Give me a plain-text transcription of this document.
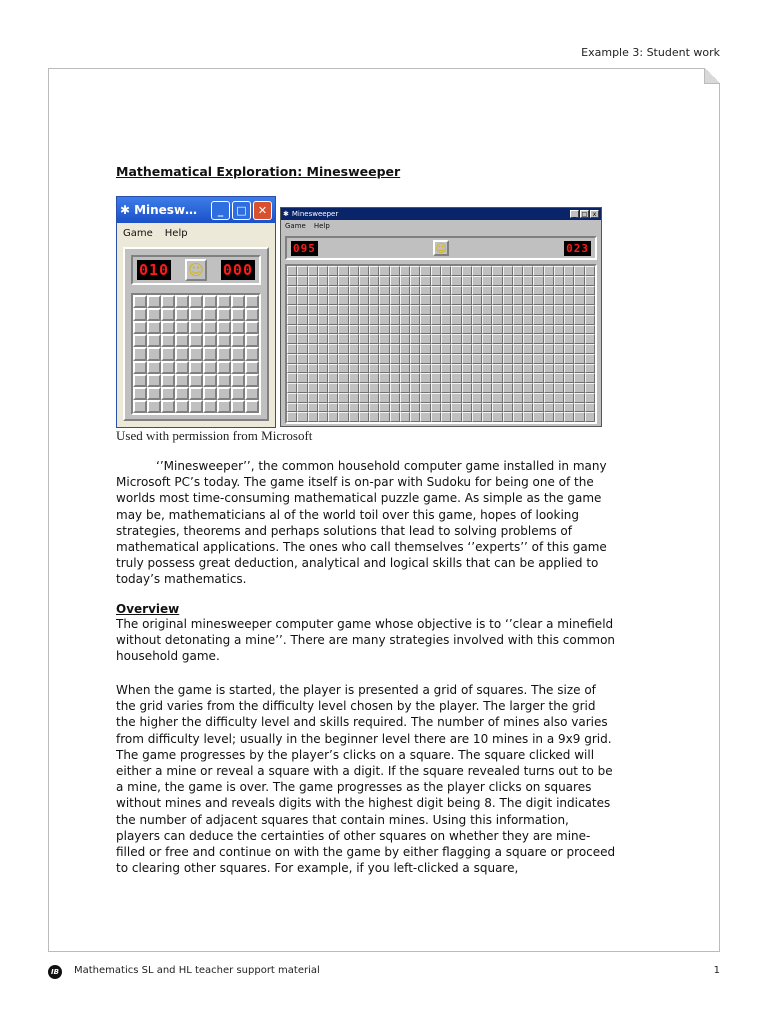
Example 3: Student work
Mathematical Exploration: Minesweeper
✱ Minesw…	_	□	✕
Game Help
010 ☺ 000
✱ Minesweeper	_ □ x
Game Help
095	☺	023
Used with permission from Microsoft
‘’Minesweeper’’, the common household computer game installed in many Microsoft PC’s today. The game itself is on-par with Sudoku for being one of the worlds most time-consuming mathematical puzzle game. As simple as the game may be, mathematicians al of the world toil over this game, hopes of looking strategies, theorems and perhaps solutions that lead to solving problems of mathematical applications. The ones who call themselves ‘’experts’’ of this game truly possess great deduction, analytical and logical skills that can be applied to today’s mathematics.
Overview
The original minesweeper computer game whose objective is to ‘’clear a minefield without detonating a mine’’. There are many strategies involved with this common household game.
When the game is started, the player is presented a grid of squares. The size of the grid varies from the difficulty level chosen by the player. The larger the grid the higher the difficulty level and skills required. The number of mines also varies from difficulty level; usually in the beginner level there are 10 mines in a 9x9 grid. The game progresses by the player’s clicks on a square. The square clicked will either a mine or reveal a square with a digit. If the square revealed turns out to be a mine, the game is over. The game progresses as the player clicks on squares without mines and reveals digits with the highest digit being 8. The digit indicates the number of adjacent squares that contain mines. Using this information, players can deduce the certainties of other squares on whether they are mine-filled or free and continue on with the game by either flagging a square or proceed to clearing other squares. For example, if you left-clicked a square,
IB	Mathematics SL and HL teacher support material	1
